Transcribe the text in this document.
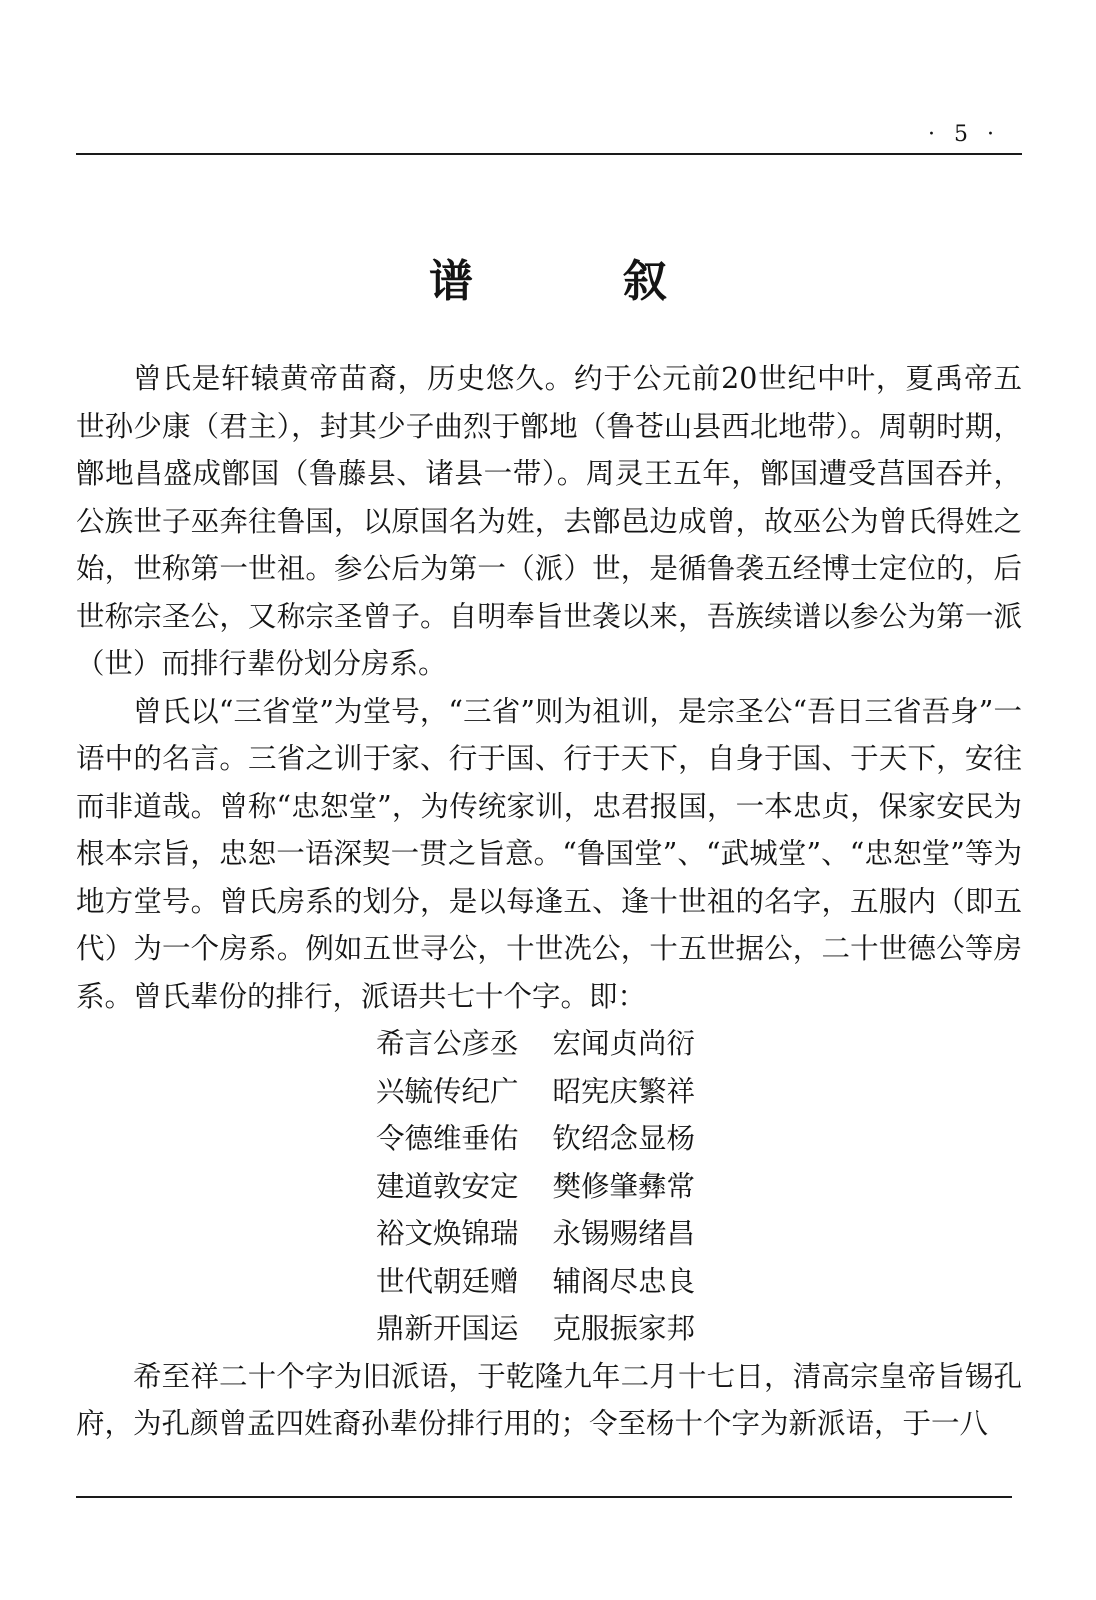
· 5 ·
谱	叙

曾氏是轩辕黄帝苗裔，历史悠久。约于公元前20世纪中叶，夏禹帝五世孙少康（君主），封其少子曲烈于鄫地（鲁苍山县西北地带）。周朝时期，鄫地昌盛成鄫国（鲁藤县、诸县一带）。周灵王五年，鄫国遭受莒国吞并，公族世子巫奔往鲁国，以原国名为姓，去鄫邑边成曾，故巫公为曾氏得姓之始，世称第一世祖。参公后为第一（派）世，是循鲁袭五经博士定位的，后世称宗圣公，又称宗圣曾子。自明奉旨世袭以来，吾族续谱以参公为第一派（世）而排行辈份划分房系。

曾氏以“三省堂”为堂号，“三省”则为祖训，是宗圣公“吾日三省吾身”一语中的名言。三省之训于家、行于国、行于天下，自身于国、于天下，安往而非道哉。曾称“忠恕堂”，为传统家训，忠君报国，一本忠贞，保家安民为根本宗旨，忠恕一语深契一贯之旨意。“鲁国堂”、“武城堂”、“忠恕堂”等为地方堂号。曾氏房系的划分，是以每逢五、逢十世祖的名字，五服内（即五代）为一个房系。例如五世寻公，十世冼公，十五世据公，二十世德公等房系。曾氏辈份的排行，派语共七十个字。即：

希言公彦丞 宏闻贞尚衍
兴毓传纪广 昭宪庆繁祥
令德维垂佑 钦绍念显杨
建道敦安定 樊修肇彝常
裕文焕锦瑞 永锡赐绪昌
世代朝廷赠 辅阁尽忠良
鼎新开国运 克服振家邦

希至祥二十个字为旧派语，于乾隆九年二月十七日，清高宗皇帝旨锡孔府，为孔颜曾孟四姓裔孙辈份排行用的；令至杨十个字为新派语，于一八
